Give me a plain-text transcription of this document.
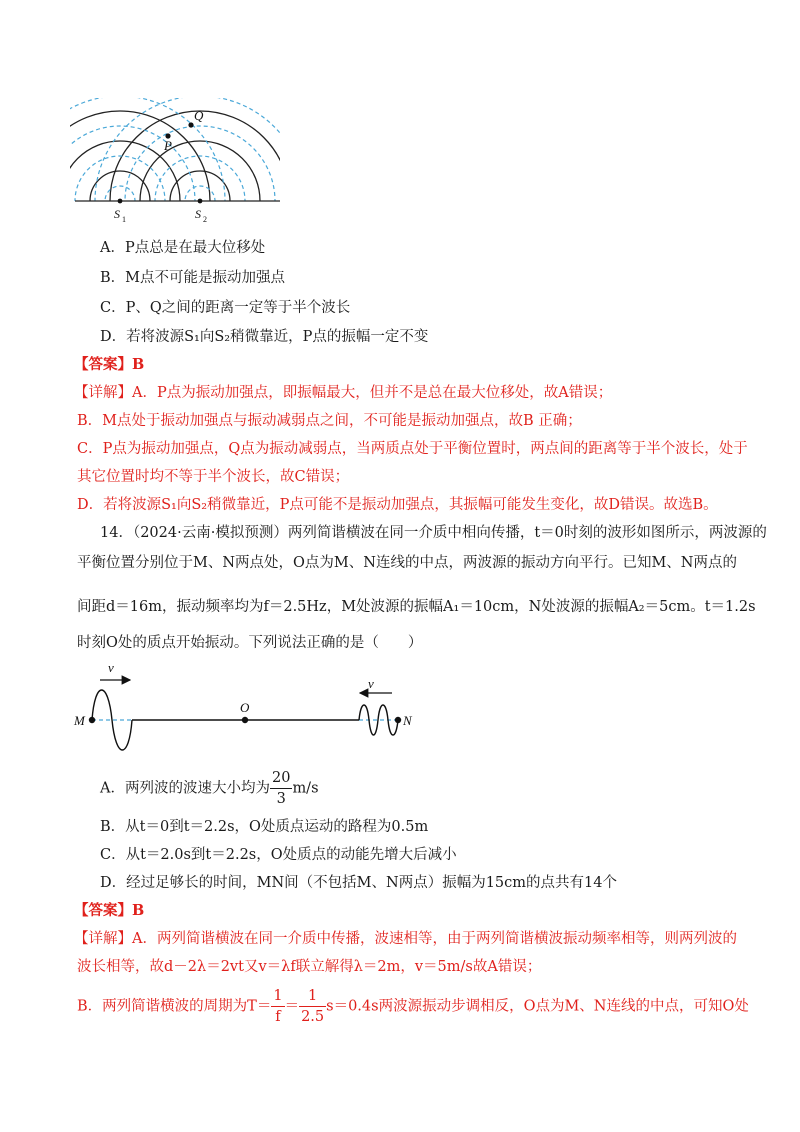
Q
P
S 1	S 2
A．P点总是在最大位移处
B．M点不可能是振动加强点
C．P、Q之间的距离一定等于半个波长
D．若将波源S₁向S₂稍微靠近，P点的振幅一定不变
【答案】B
【详解】A．P点为振动加强点，即振幅最大，但并不是总在最大位移处，故A错误；
B．M点处于振动加强点与振动减弱点之间，不可能是振动加强点，故B 正确；
C．P点为振动加强点，Q点为振动减弱点，当两质点处于平衡位置时，两点间的距离等于半个波长，处于
其它位置时均不等于半个波长，故C错误；
D．若将波源S₁向S₂稍微靠近，P点可能不是振动加强点，其振幅可能发生变化，故D错误。故选B。
14．（2024·云南·模拟预测）两列简谐横波在同一介质中相向传播，t＝0时刻的波形如图所示，两波源的
平衡位置分别位于M、N两点处，O点为M、N连线的中点，两波源的振动方向平行。已知M、N两点的
间距d＝16m，振动频率均为f＝2.5Hz，M处波源的振幅A₁＝10cm，N处波源的振幅A₂＝5cm。t＝1.2s
时刻O处的质点开始振动。下列说法正确的是（　　）
M
O
N
v
v
A．两列波的波速大小均为 $\frac{20}{3} m/s$
B．从t＝0到t＝2.2s，O处质点运动的路程为0.5m
C．从t＝2.0s到t＝2.2s，O处质点的动能先增大后减小
D．经过足够长的时间，MN间（不包括M、N两点）振幅为15cm的点共有14个
【答案】B
【详解】A．两列简谐横波在同一介质中传播，波速相等，由于两列简谐横波振动频率相等，则两列波的
波长相等，故d－2λ＝2vt又v＝λf联立解得λ＝2m，v＝5m/s故A错误；
B．两列简谐横波的周期为$T= \frac{1}{f} = \frac{1}{2.5} s=0.4s$两波源振动步调相反，O点为M、N连线的中点，可知O处
